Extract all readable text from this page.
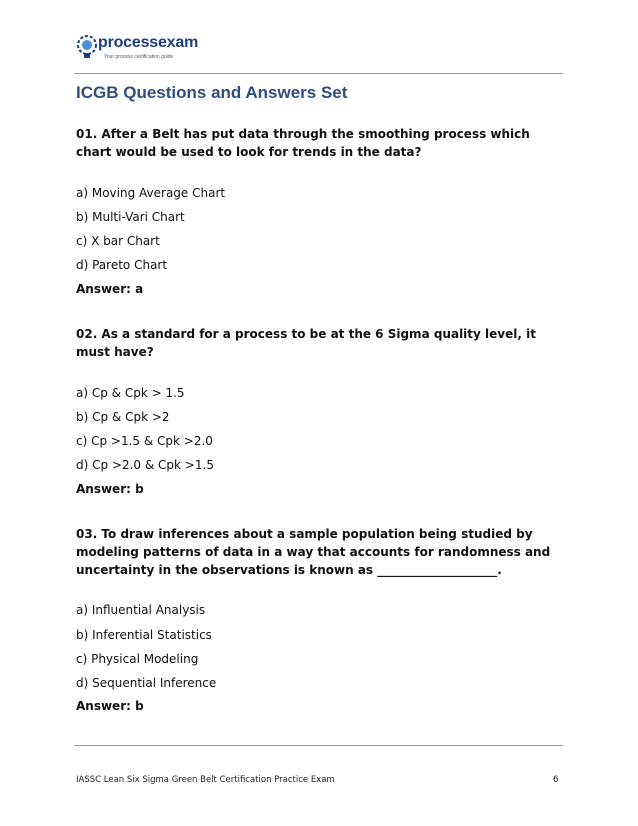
processexam
Your process certification guide
ICGB Questions and Answers Set

01. After a Belt has put data through the smoothing process which chart would be used to look for trends in the data?

a) Moving Average Chart
b) Multi-Vari Chart
c) X bar Chart
d) Pareto Chart
Answer: a

02. As a standard for a process to be at the 6 Sigma quality level, it must have?

a) Cp & Cpk > 1.5
b) Cp & Cpk >2
c) Cp >1.5 & Cpk >2.0
d) Cp >2.0 & Cpk >1.5
Answer: b

03. To draw inferences about a sample population being studied by modeling patterns of data in a way that accounts for randomness and uncertainty in the observations is known as ____________________.

a) Influential Analysis
b) Inferential Statistics
c) Physical Modeling
d) Sequential Inference
Answer: b
IASSC Lean Six Sigma Green Belt Certification Practice Exam	6
